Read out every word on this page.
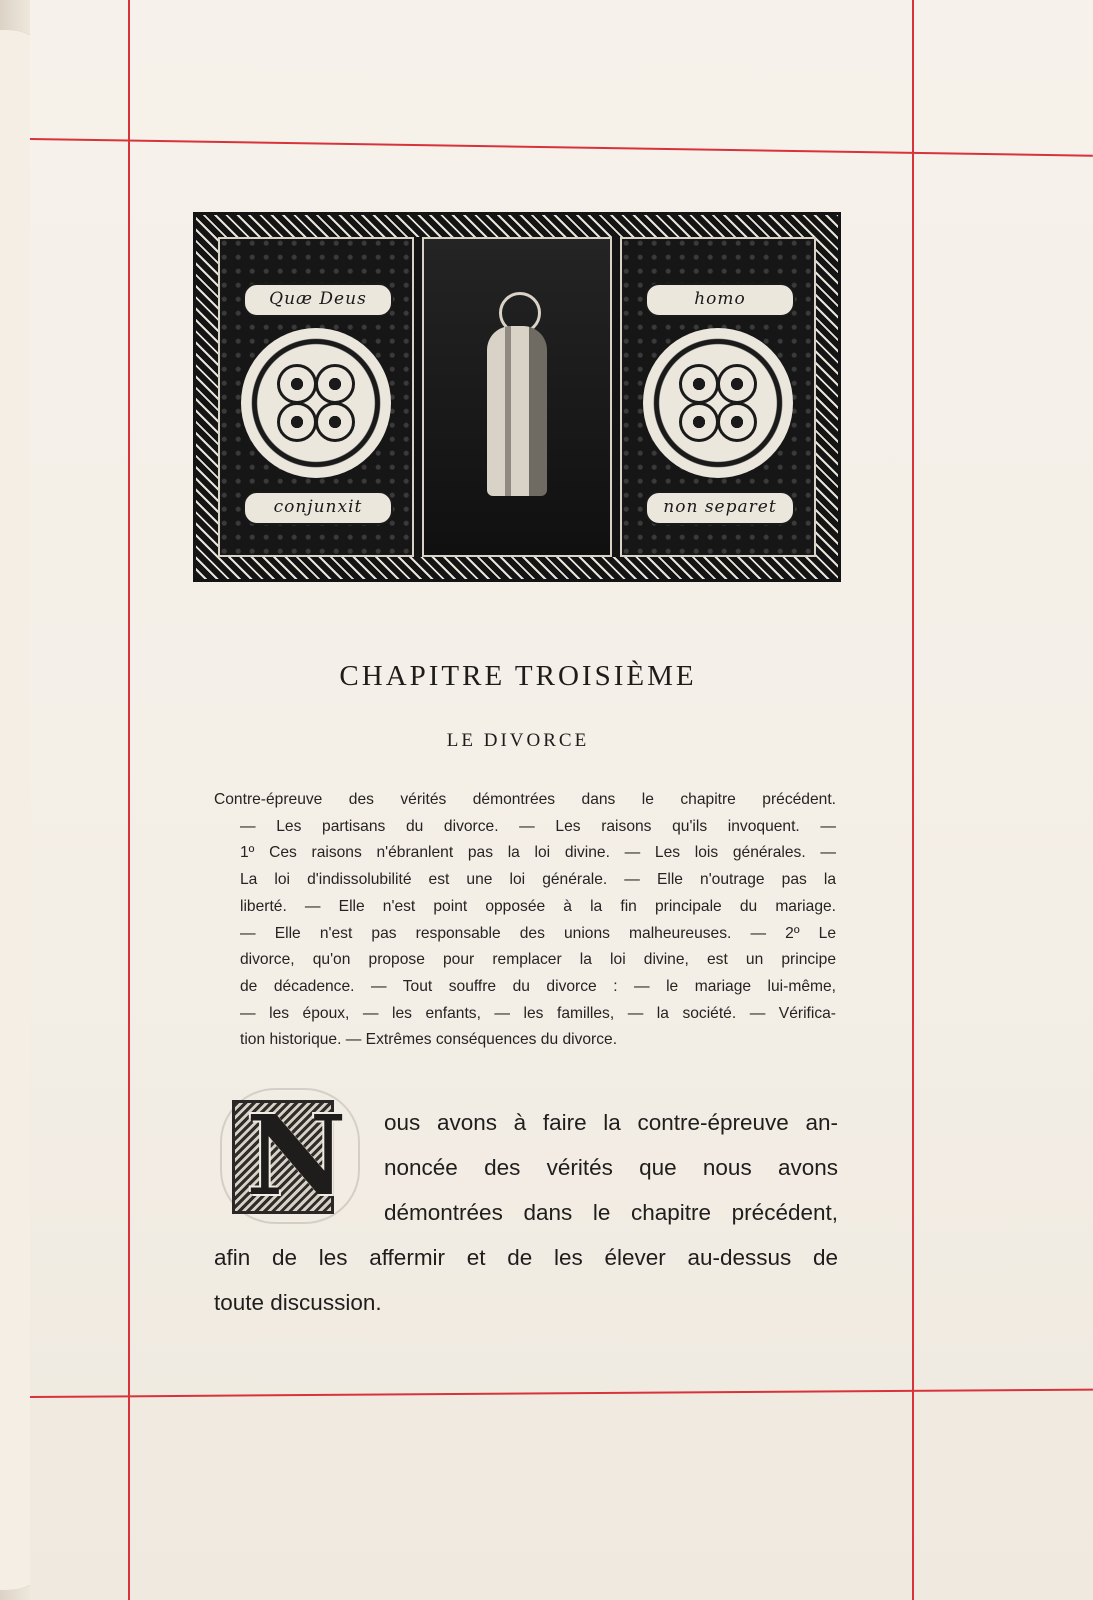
Quæ Deus
conjunxit
homo
non separet
CHAPITRE TROISIÈME
LE DIVORCE
Contre-épreuve des vérités démontrées dans le chapitre précédent.
— Les partisans du divorce. — Les raisons qu'ils invoquent. —
1º Ces raisons n'ébranlent pas la loi divine. — Les lois générales. —
La loi d'indissolubilité est une loi générale. — Elle n'outrage pas la
liberté. — Elle n'est point opposée à la fin principale du mariage.
— Elle n'est pas responsable des unions malheureuses. — 2º Le
divorce, qu'on propose pour remplacer la loi divine, est un principe
de décadence. — Tout souffre du divorce : — le mariage lui-même,
— les époux, — les enfants, — les familles, — la société. — Vérifica-
tion historique. — Extrêmes conséquences du divorce.
N	ous avons à faire la contre-épreuve an-
noncée des vérités que nous avons
démontrées dans le chapitre précédent,
afin de les affermir et de les élever au-dessus de
toute discussion.
